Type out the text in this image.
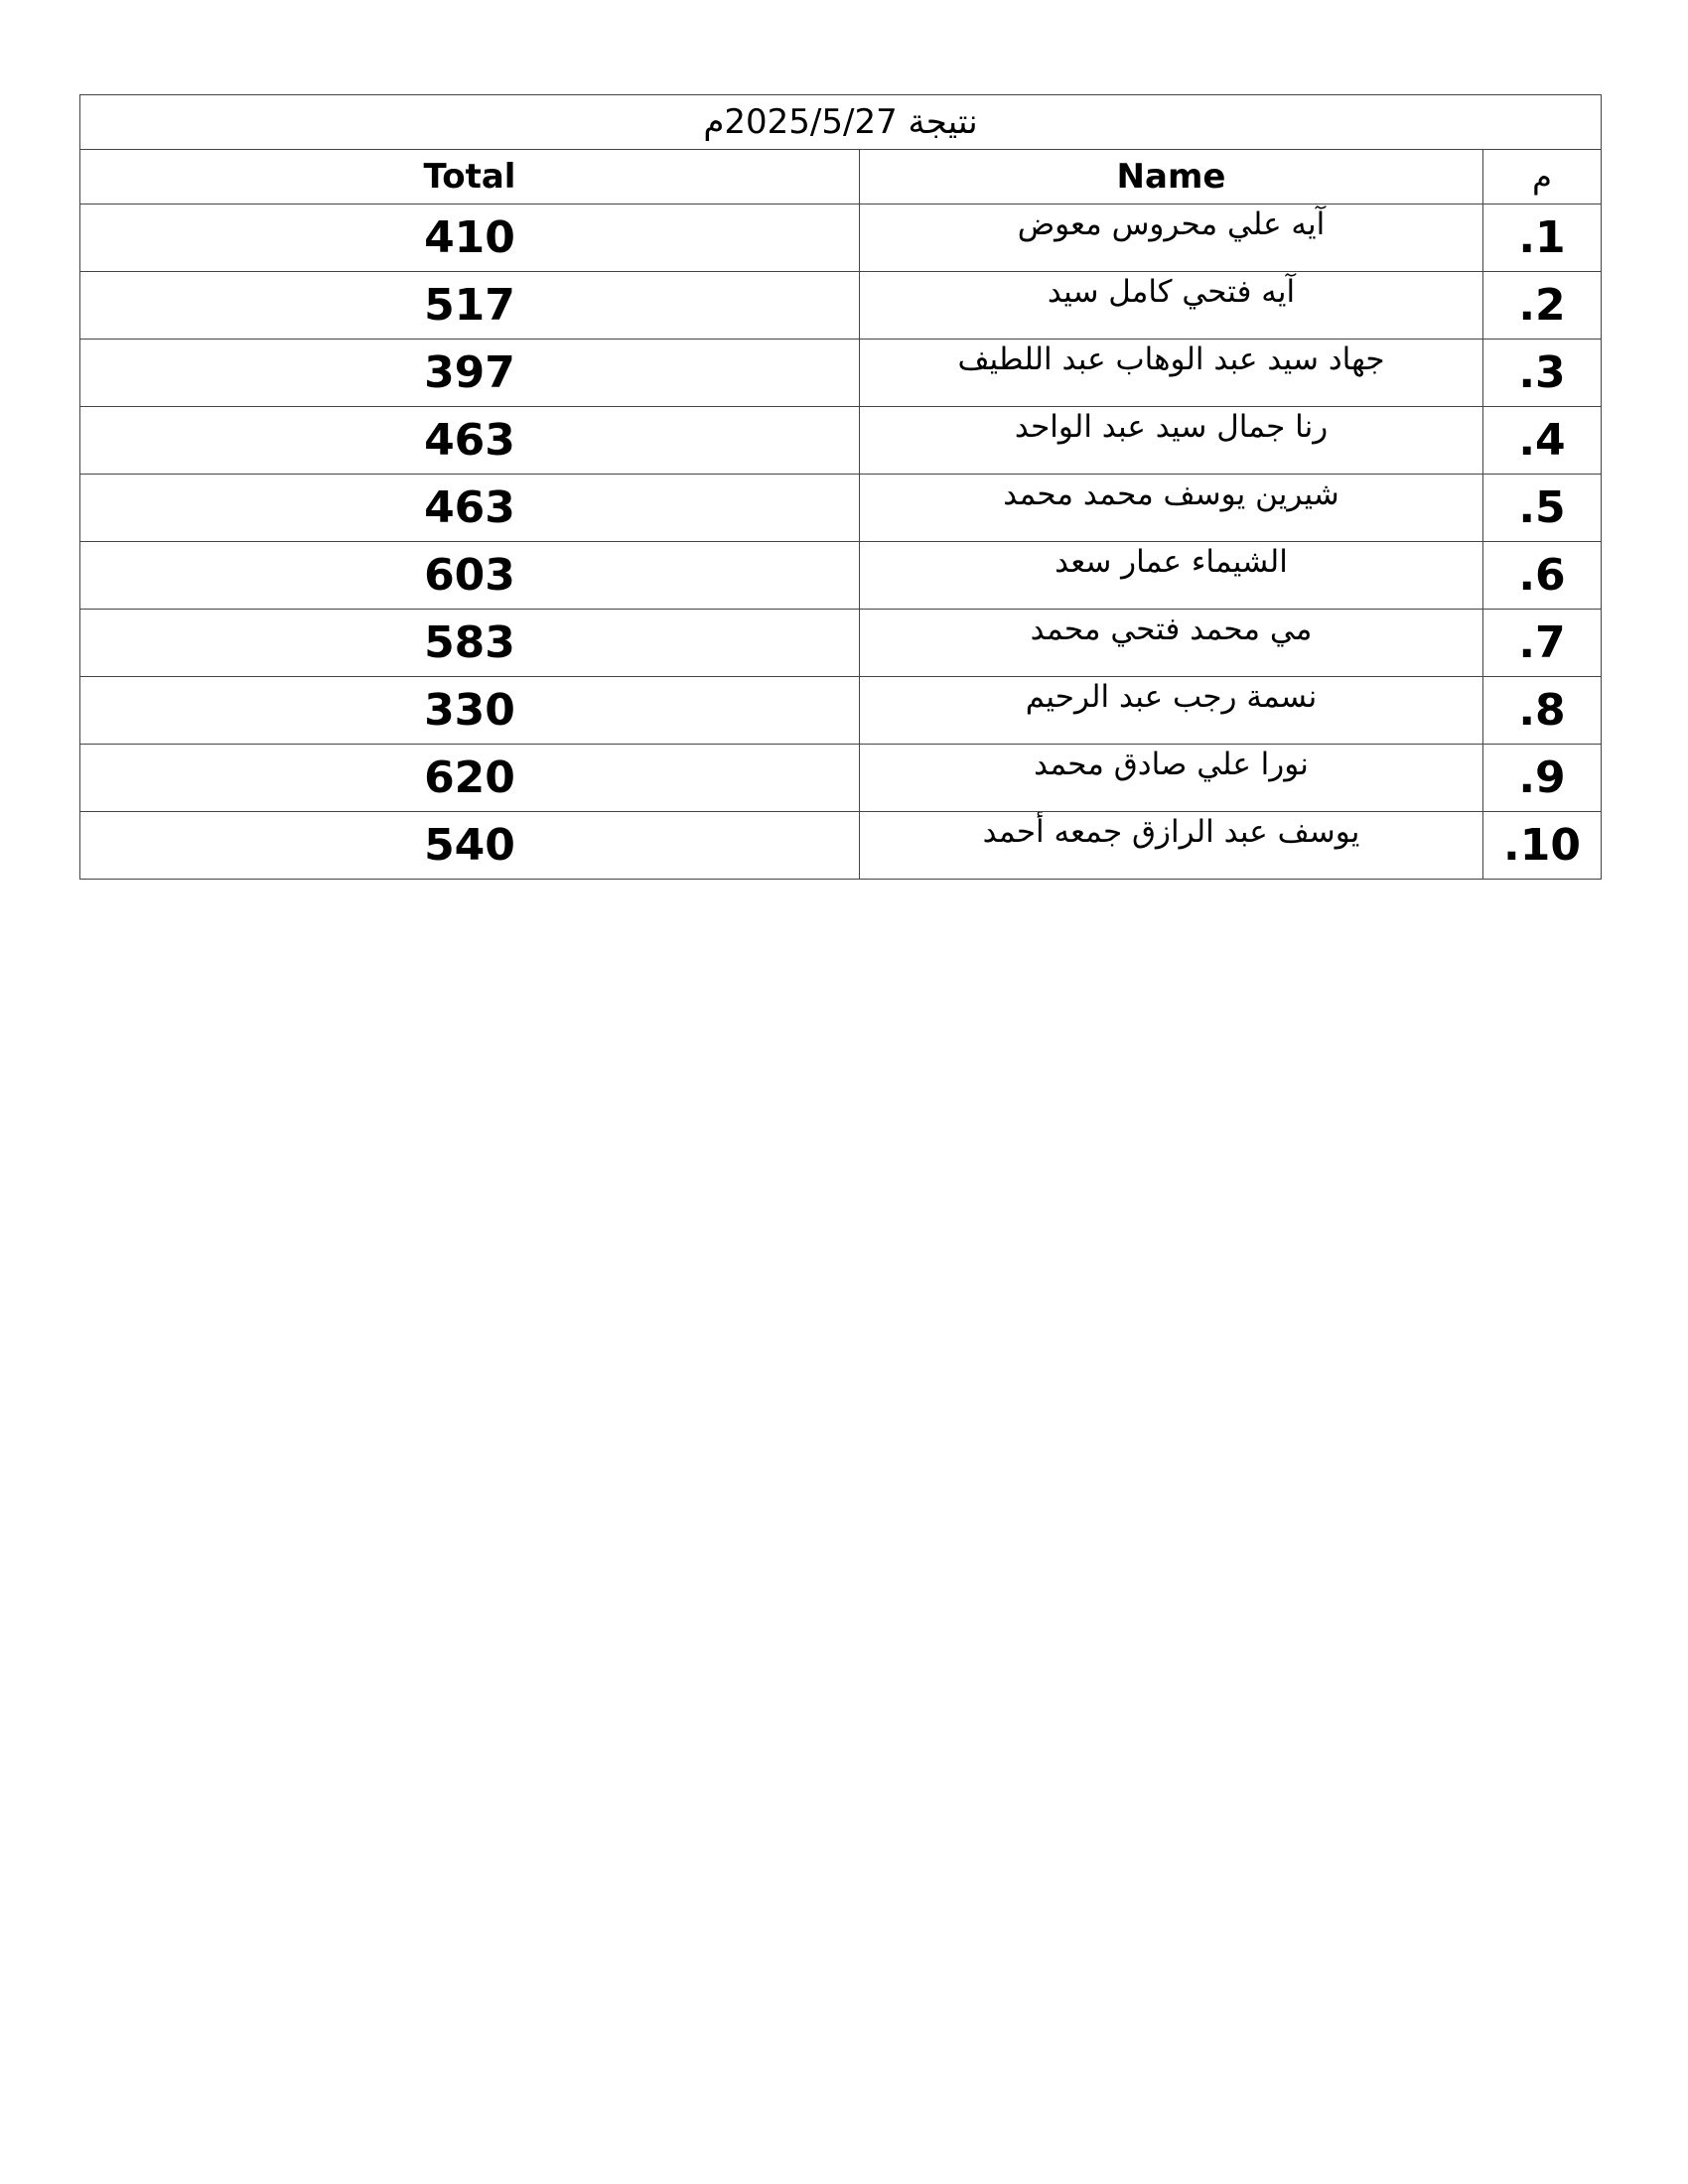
نتيجة 2025/5/27م		
Total	Name	م
410	آيه علي محروس معوض	.1
517	آيه فتحي كامل سيد	.2
397	جهاد سيد عبد الوهاب عبد اللطيف	.3
463	رنا جمال سيد عبد الواحد	.4
463	شيرين يوسف محمد محمد	.5
603	الشيماء عمار سعد	.6
583	مي محمد فتحي محمد	.7
330	نسمة رجب عبد الرحيم	.8
620	نورا علي صادق محمد	.9
540	يوسف عبد الرازق جمعه أحمد	.10
